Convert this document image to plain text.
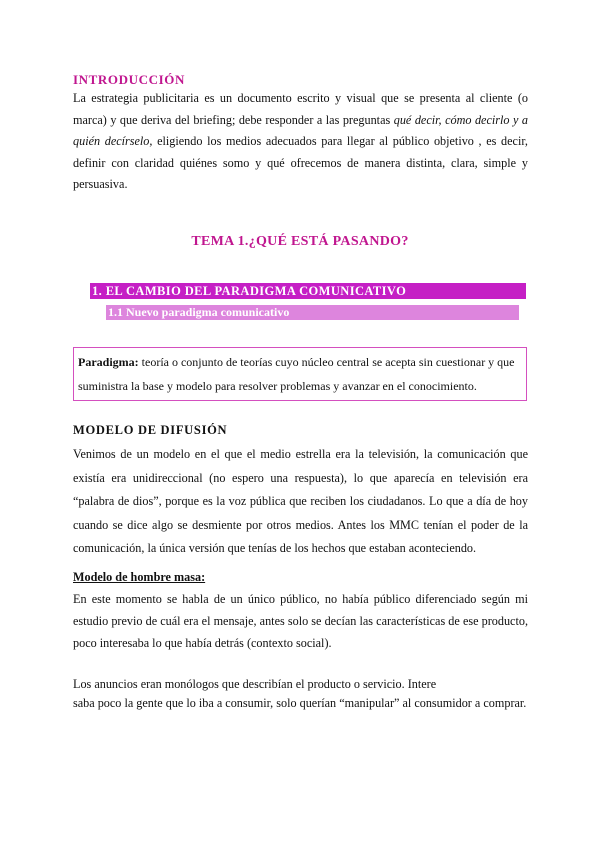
INTRODUCCIÓN

La estrategia publicitaria es un documento escrito y visual que se presenta al cliente (o marca) y que deriva del briefing; debe responder a las preguntas qué decir, cómo decirlo y a quién decírselo, eligiendo los medios adecuados para llegar al público objetivo , es decir, definir con claridad quiénes somo y qué ofrecemos de manera distinta, clara, simple y persuasiva.

TEMA 1.¿QUÉ ESTÁ PASANDO?
1. EL CAMBIO DEL PARADIGMA COMUNICATIVO
1.1 Nuevo paradigma comunicativo
Paradigma: teoría o conjunto de teorías cuyo núcleo central se acepta sin cuestionar y que suministra la base y modelo para resolver problemas y avanzar en el conocimiento.
MODELO DE DIFUSIÓN

Venimos de un modelo en el que el medio estrella era la televisión, la comunicación que existía era unidireccional (no espero una respuesta), lo que aparecía en televisión era “palabra de dios”, porque es la voz pública que reciben los ciudadanos. Lo que a día de hoy cuando se dice algo se desmiente por otros medios. Antes los MMC tenían el poder de la comunicación, la única versión que tenías de los hechos que estaban aconteciendo.

Modelo de hombre masa:

En este momento se habla de un único público, no había público diferenciado según mi estudio previo de cuál era el mensaje, antes solo se decían las características de ese producto, poco interesaba lo que había detrás (contexto social).

Los anuncios eran monólogos que describían el producto o servicio. Intere

saba poco la gente que lo iba a consumir, solo querían “manipular” al consumidor a comprar.
